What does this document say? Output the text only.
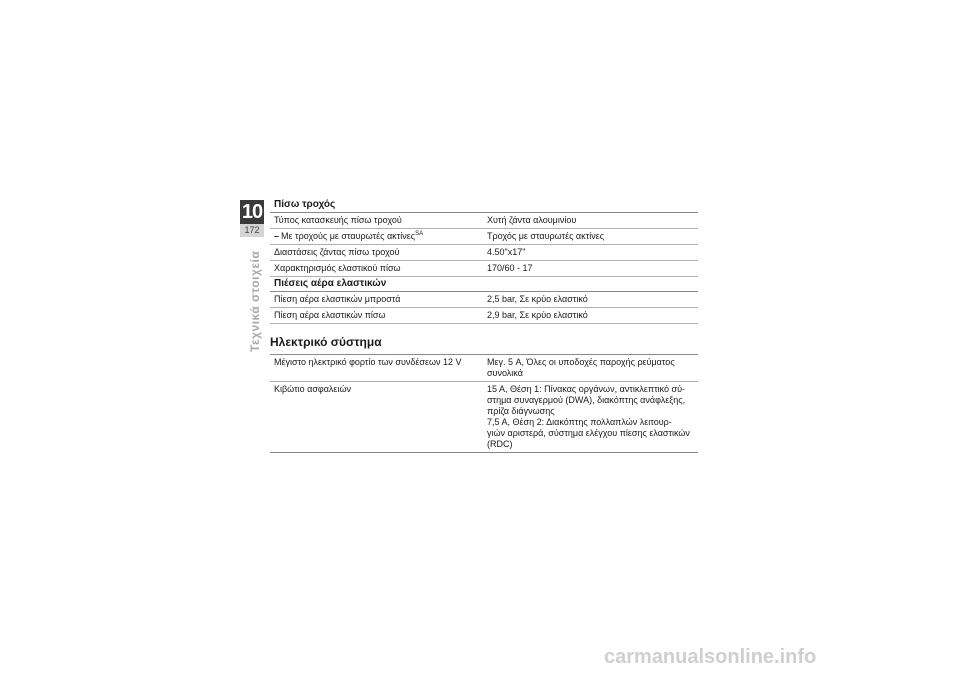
10
172
Τεχνικά στοιχεία
Πίσω τροχός
Τύπος κατασκευής πίσω τροχού	Χυτή ζάντα αλουμινίου
– Με τροχούς με σταυρωτές ακτίνες$^{SA}$	Τροχός με σταυρωτές ακτίνες
Διαστάσεις ζάντας πίσω τροχού	4.50"x17"
Χαρακτηρισμός ελαστικού πίσω	170/60 - 17
Πιέσεις αέρα ελαστικών
Πίεση αέρα ελαστικών μπροστά	2,5 bar, Σε κρύο ελαστικό
Πίεση αέρα ελαστικών πίσω	2,9 bar, Σε κρύο ελαστικό
Ηλεκτρικό σύστημα
Μέγιστο ηλεκτρικό φορτίο των συνδέσεων 12 V	Μεγ. 5 A, Όλες οι υποδοχές παροχής ρεύματος
συνολικά
Κιβώτιο ασφαλειών	15 A, Θέση 1: Πίνακας οργάνων, αντικλεπτικό σύ-
στημα συναγερμού (DWA), διακόπτης ανάφλεξης,
πρίζα διάγνωσης
7,5 A, Θέση 2: Διακόπτης πολλαπλών λειτουρ-
γιών αριστερά, σύστημα ελέγχου πίεσης ελαστικών
(RDC)
carmanualsonline.info
